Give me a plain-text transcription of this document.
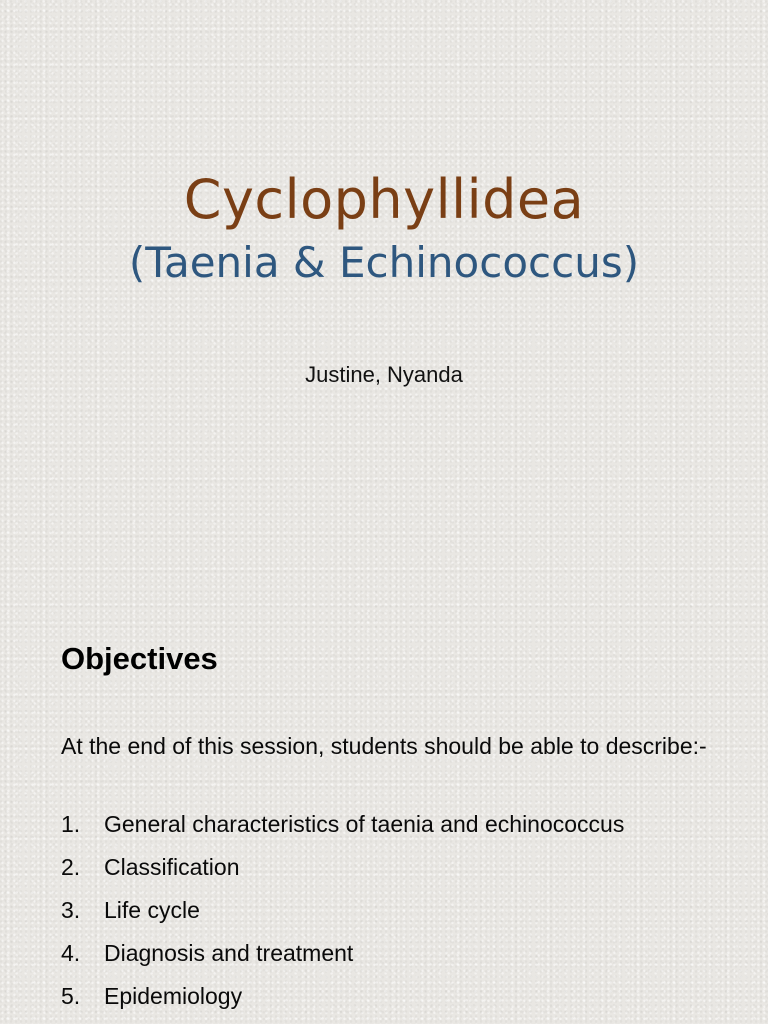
Cyclophyllidea
(Taenia & Echinococcus)
Justine, Nyanda
Objectives
At the end of this session, students should be able to describe:-
1. General characteristics of taenia and echinococcus
2. Classification
3. Life cycle
4. Diagnosis and treatment
5. Epidemiology
